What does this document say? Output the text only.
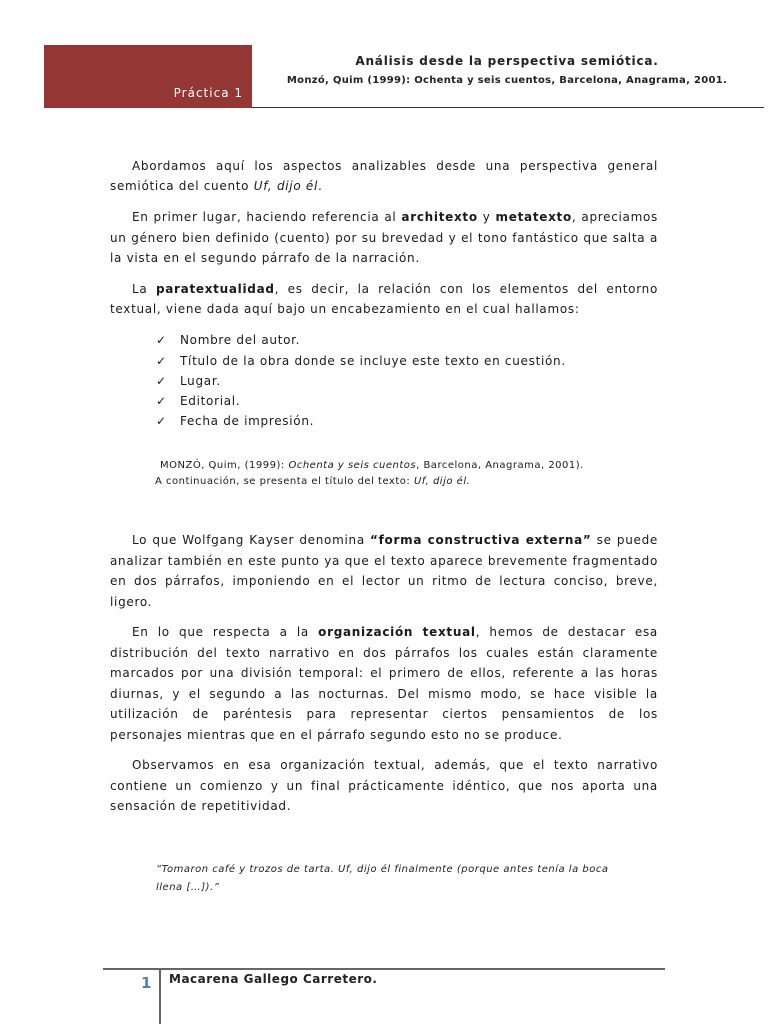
Práctica 1
Análisis desde la perspectiva semiótica.
Monzó, Quim (1999): Ochenta y seis cuentos, Barcelona, Anagrama, 2001.

Abordamos aquí los aspectos analizables desde una perspectiva general semiótica del cuento Uf, dijo él.

En primer lugar, haciendo referencia al architexto y metatexto, apreciamos un género bien definido (cuento) por su brevedad y el tono fantástico que salta a la vista en el segundo párrafo de la narración.

La paratextualidad, es decir, la relación con los elementos del entorno textual, viene dada aquí bajo un encabezamiento en el cual hallamos:

✓ Nombre del autor.
✓ Título de la obra donde se incluye este texto en cuestión.
✓ Lugar.
✓ Editorial.
✓ Fecha de impresión.
MONZÓ, Quim, (1999): Ochenta y seis cuentos, Barcelona, Anagrama, 2001).
A continuación, se presenta el título del texto: Uf, dijo él.

Lo que Wolfgang Kayser denomina “forma constructiva externa” se puede analizar también en este punto ya que el texto aparece brevemente fragmentado en dos párrafos, imponiendo en el lector un ritmo de lectura conciso, breve, ligero.

En lo que respecta a la organización textual, hemos de destacar esa distribución del texto narrativo en dos párrafos los cuales están claramente marcados por una división temporal: el primero de ellos, referente a las horas diurnas, y el segundo a las nocturnas. Del mismo modo, se hace visible la utilización de paréntesis para representar ciertos pensamientos de los personajes mientras que en el párrafo segundo esto no se produce.

Observamos en esa organización textual, además, que el texto narrativo contiene un comienzo y un final prácticamente idéntico, que nos aporta una sensación de repetitividad.

“Tomaron café y trozos de tarta. Uf, dijo él finalmente (porque antes tenía la boca llena […]).”
1 Macarena Gallego Carretero.
